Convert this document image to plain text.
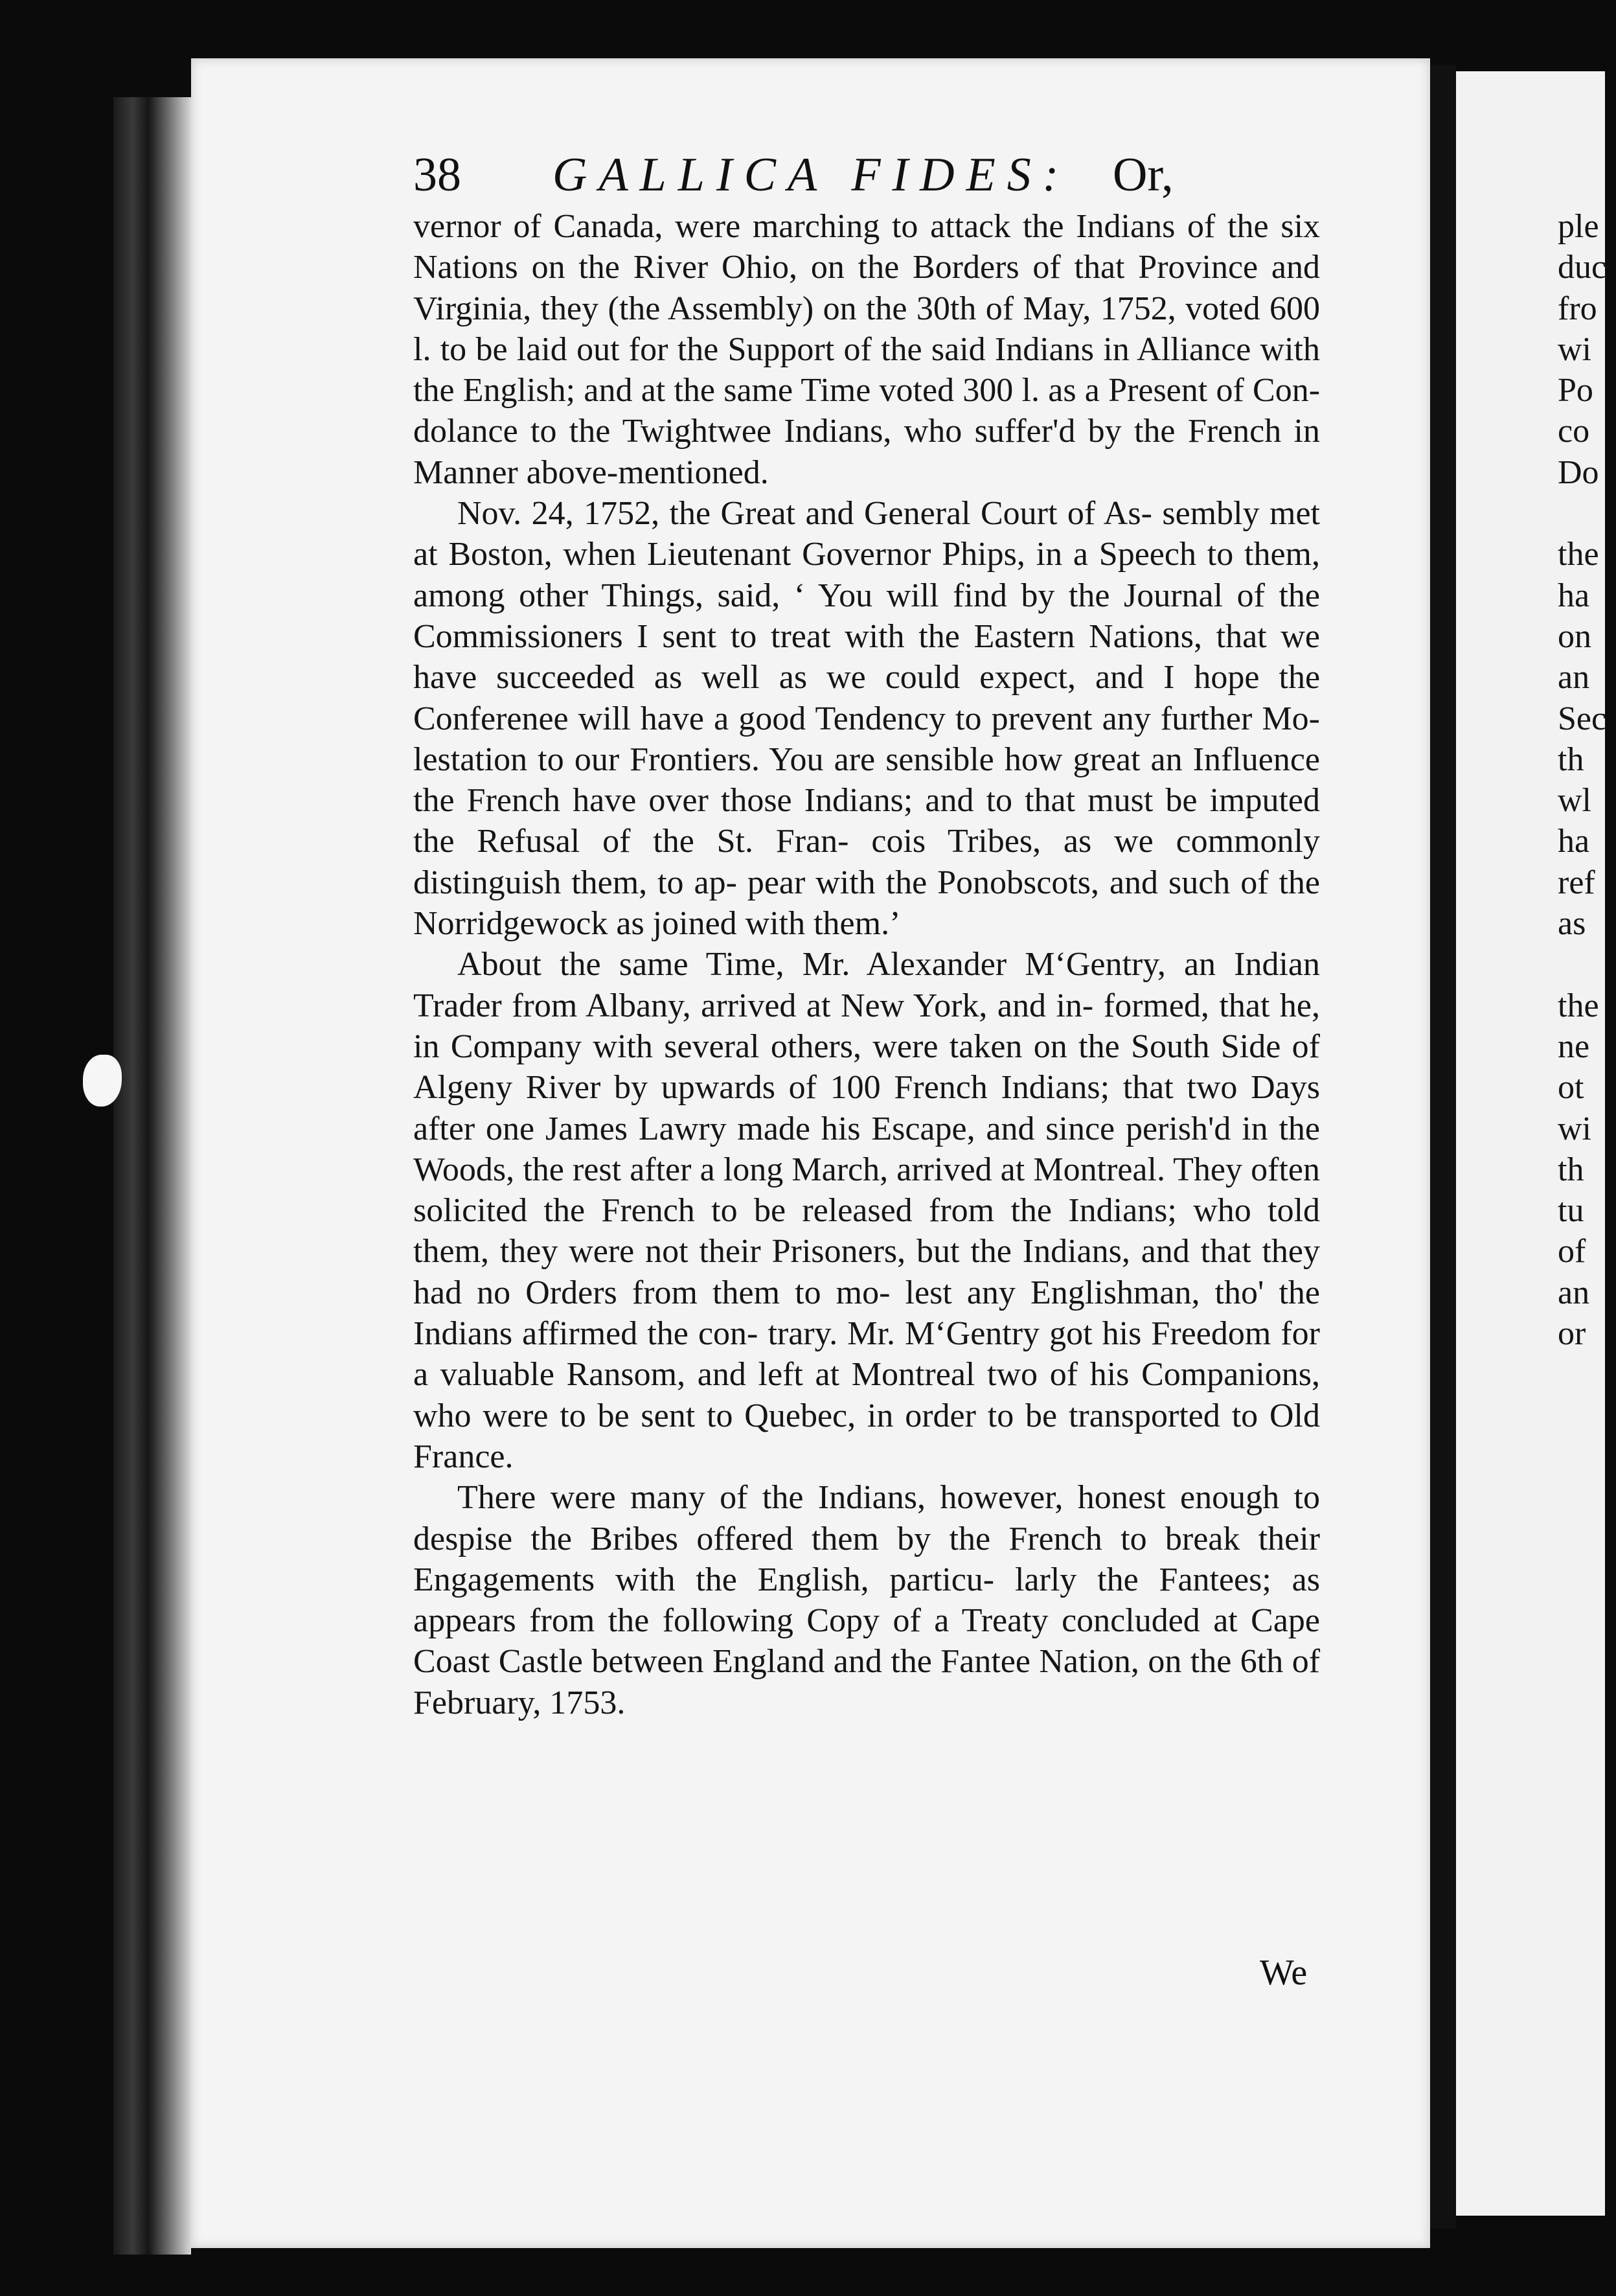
ple
duc
fro
wi
Po
co
Do

the
ha
on
an
Sec
th
wl
ha
ref
as

the
ne
ot
wi
th
tu
of
an
or
38 GALLICA FIDES: Or,

vernor of Canada, were marching to attack the Indians of the six Nations on the River Ohio, on the Borders of that Province and Virginia, they (the Assembly) on the 30th of May, 1752, voted 600 l. to be laid out for the Support of the said Indians in Alliance with the English; and at the same Time voted 300 l. as a Present of Con- dolance to the Twightwee Indians, who suffer'd by the French in Manner above-mentioned.

Nov. 24, 1752, the Great and General Court of As- sembly met at Boston, when Lieutenant Governor Phips, in a Speech to them, among other Things, said, ‘ You will find by the Journal of the Commissioners I sent to treat with the Eastern Nations, that we have succeeded as well as we could expect, and I hope the Conferenee will have a good Tendency to prevent any further Mo- lestation to our Frontiers. You are sensible how great an Influence the French have over those Indians; and to that must be imputed the Refusal of the St. Fran- cois Tribes, as we commonly distinguish them, to ap- pear with the Ponobscots, and such of the Norridgewock as joined with them.’

About the same Time, Mr. Alexander M‘Gentry, an Indian Trader from Albany, arrived at New York, and in- formed, that he, in Company with several others, were taken on the South Side of Algeny River by upwards of 100 French Indians; that two Days after one James Lawry made his Escape, and since perish'd in the Woods, the rest after a long March, arrived at Montreal. They often solicited the French to be released from the Indians; who told them, they were not their Prisoners, but the Indians, and that they had no Orders from them to mo- lest any Englishman, tho' the Indians affirmed the con- trary. Mr. M‘Gentry got his Freedom for a valuable Ransom, and left at Montreal two of his Companions, who were to be sent to Quebec, in order to be transported to Old France.

There were many of the Indians, however, honest enough to despise the Bribes offered them by the French to break their Engagements with the English, particu- larly the Fantees; as appears from the following Copy of a Treaty concluded at Cape Coast Castle between England and the Fantee Nation, on the 6th of February, 1753.

We
